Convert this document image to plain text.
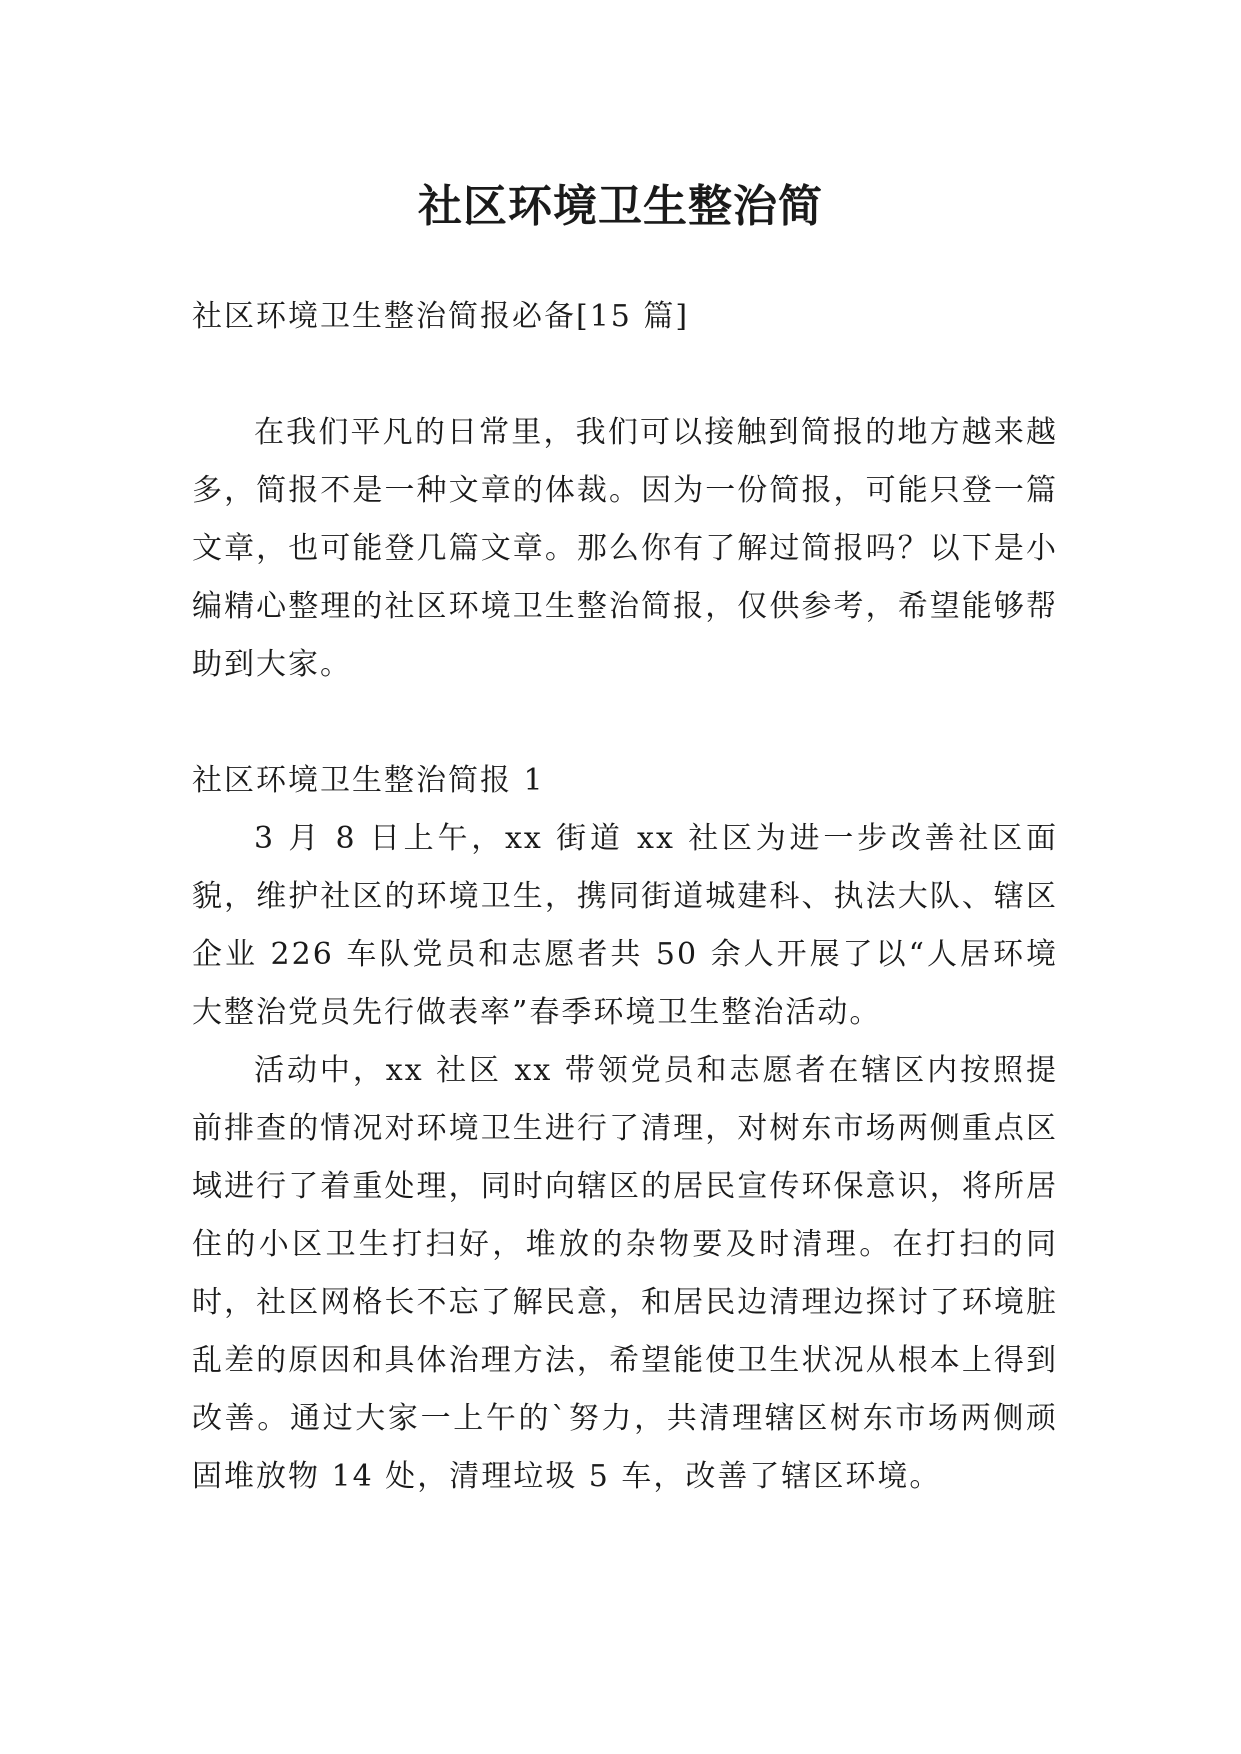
社区环境卫生整治简

社区环境卫生整治简报必备[15 篇]

在我们平凡的日常里，我们可以接触到简报的地方越来越多，简报不是一种文章的体裁。因为一份简报，可能只登一篇文章，也可能登几篇文章。那么你有了解过简报吗？以下是小编精心整理的社区环境卫生整治简报，仅供参考，希望能够帮助到大家。

社区环境卫生整治简报 1

3 月 8 日上午，xx 街道 xx 社区为进一步改善社区面貌，维护社区的环境卫生，携同街道城建科、执法大队、辖区企业 226 车队党员和志愿者共 50 余人开展了以“人居环境大整治党员先行做表率”春季环境卫生整治活动。

活动中，xx 社区 xx 带领党员和志愿者在辖区内按照提前排查的情况对环境卫生进行了清理，对树东市场两侧重点区域进行了着重处理，同时向辖区的居民宣传环保意识，将所居住的小区卫生打扫好，堆放的杂物要及时清理。在打扫的同时，社区网格长不忘了解民意，和居民边清理边探讨了环境脏乱差的原因和具体治理方法，希望能使卫生状况从根本上得到改善。通过大家一上午的`努力，共清理辖区树东市场两侧顽固堆放物 14 处，清理垃圾 5 车，改善了辖区环境。
